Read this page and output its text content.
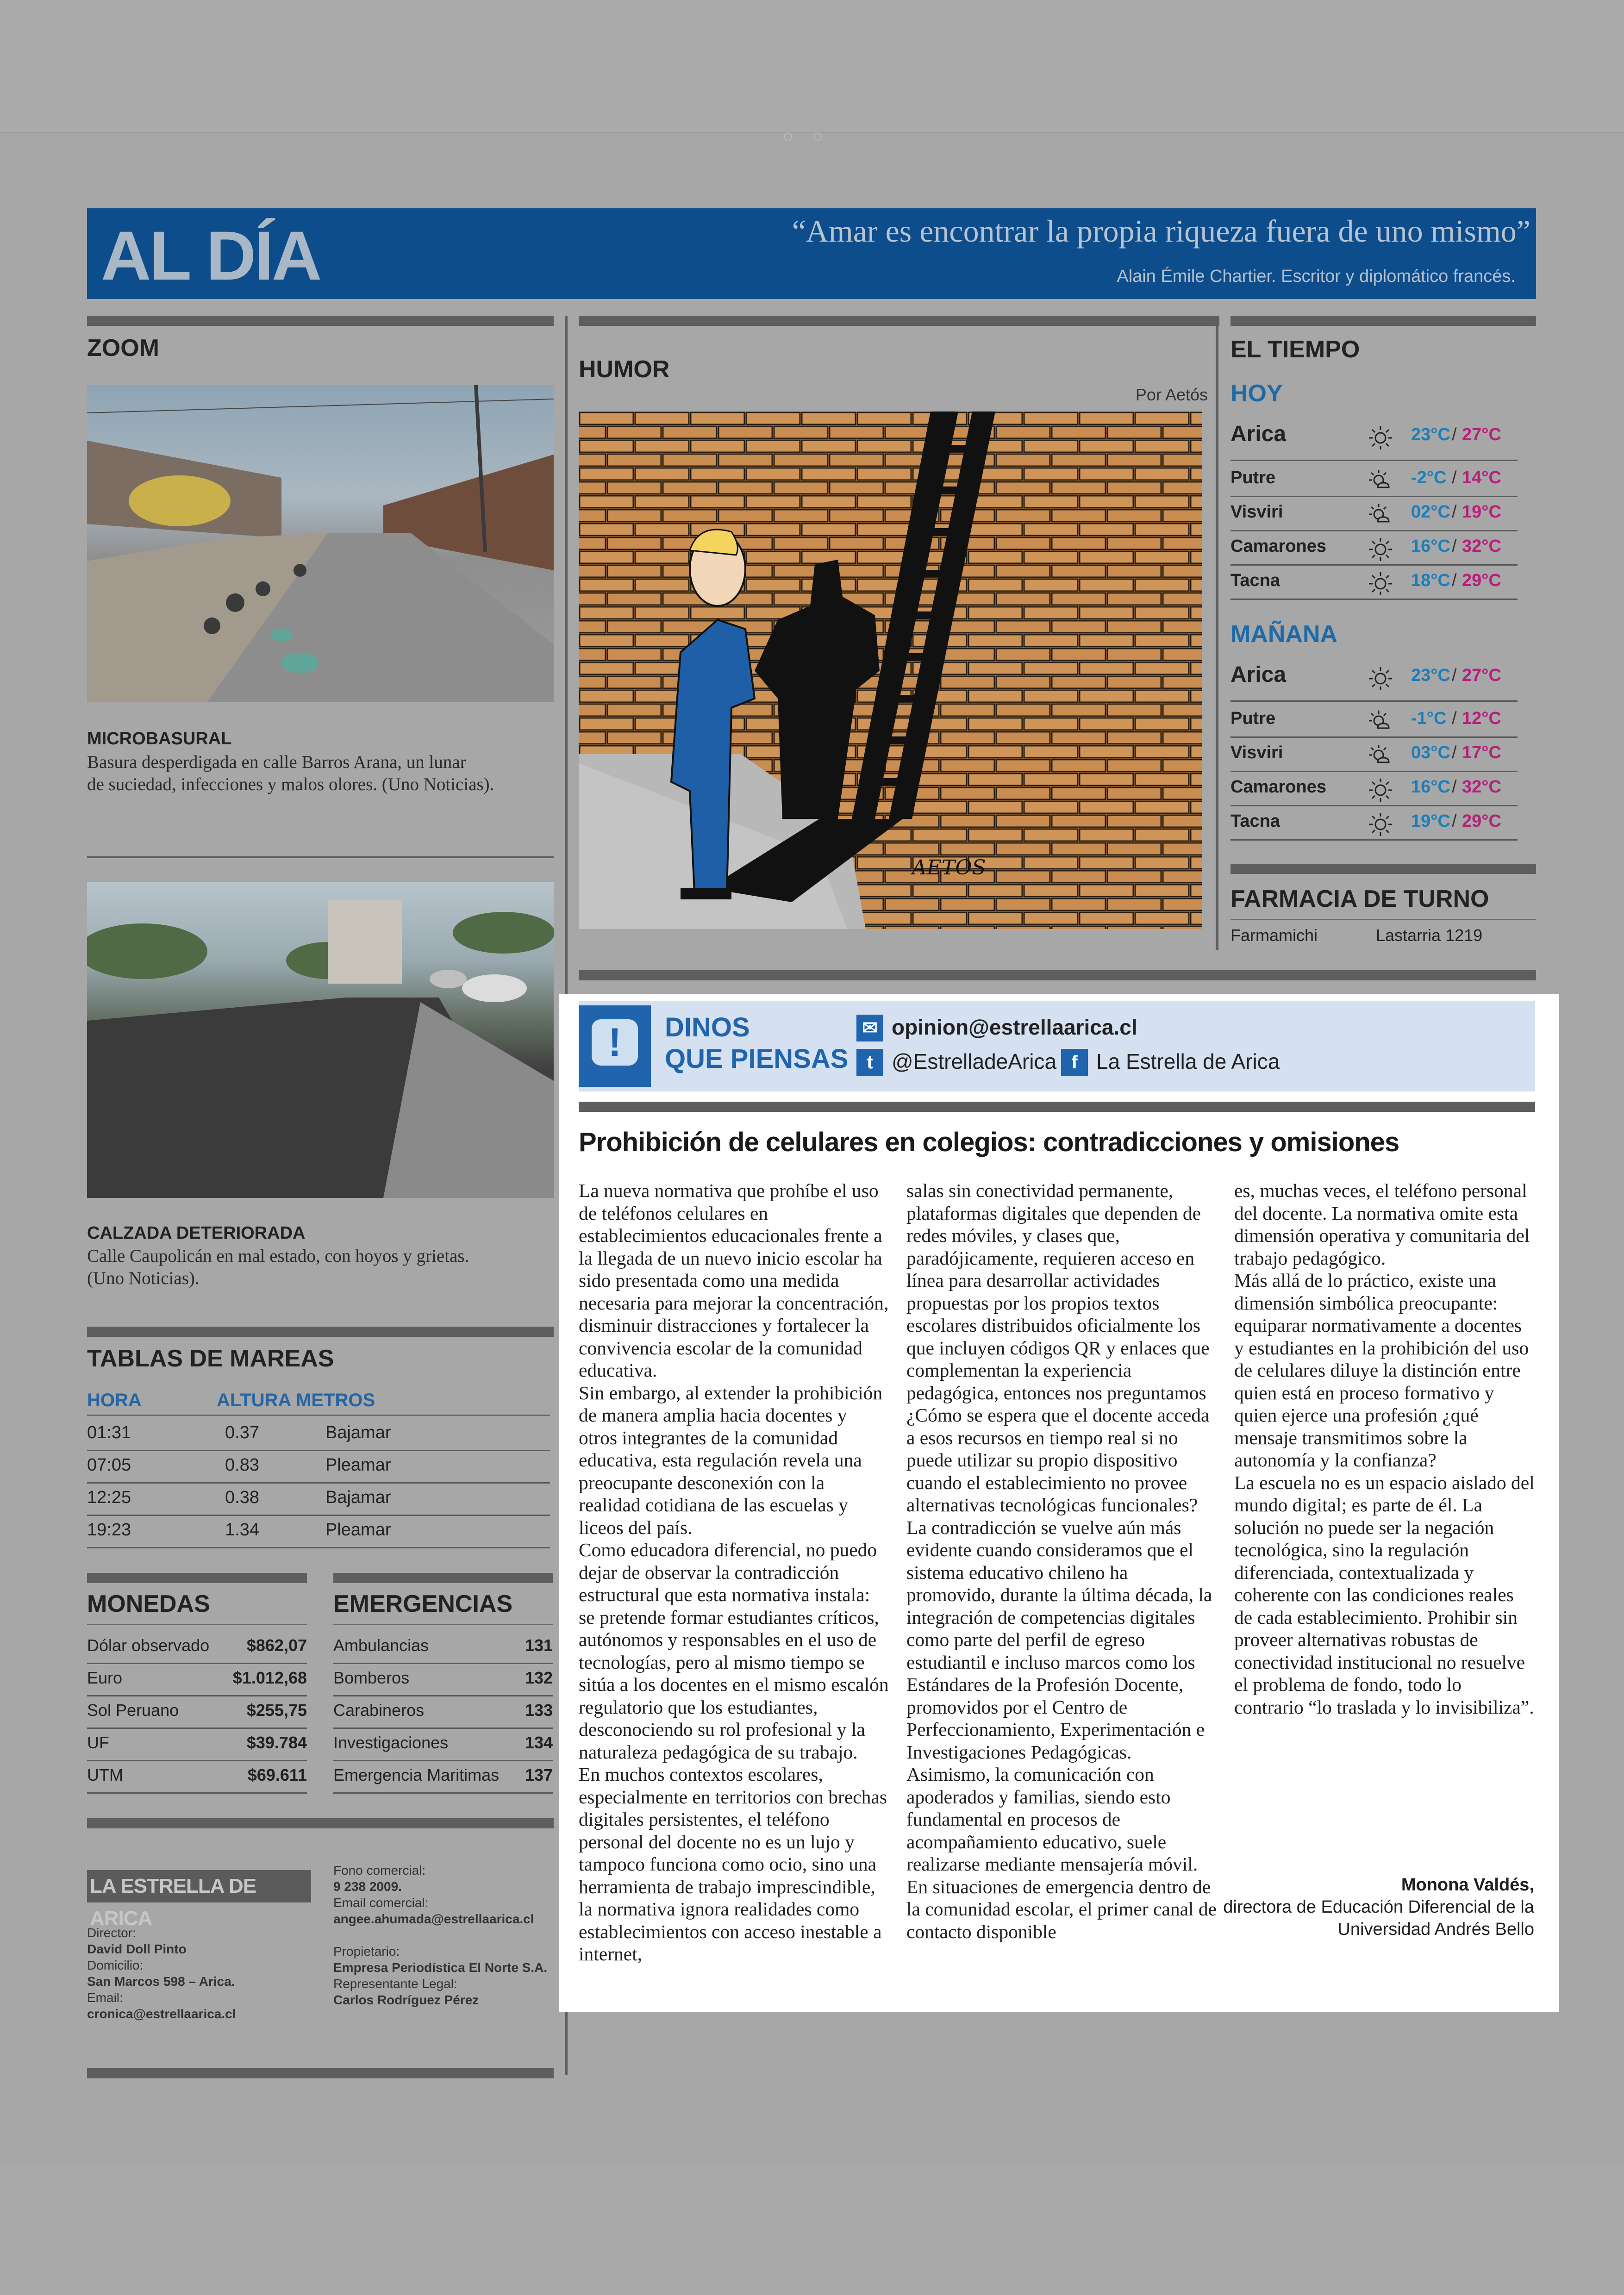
○○
AL DÍA	“Amar es encontrar la propia riqueza fuera de uno mismo”
Alain Émile Chartier. Escritor y diplomático francés.
ZOOM
MICROBASURAL
Basura desperdigada en calle Barros Arana, un lunar
de suciedad, infecciones y malos olores. (Uno Noticias).
CALZADA DETERIORADA
Calle Caupolicán en mal estado, con hoyos y grietas.
(Uno Noticias).
TABLAS DE MAREAS
HORA	ALTURA METROS
01:31	0.37	Bajamar
07:05	0.83	Pleamar
12:25	0.38	Bajamar
19:23	1.34	Pleamar
MONEDAS	EMERGENCIAS
Dólar observado $862,07
Euro	$1.012,68
Sol Peruano	$255,75
UF	$39.784
UTM	$69.611
Ambulancias	131
Bomberos	132
Carabineros	133
Investigaciones	134
Emergencia Maritimas 137
LA ESTRELLA DE ARICA
Director:
David Doll Pinto
Domicilio:
San Marcos 598 – Arica.
Email:
cronica@estrellaarica.cl
Fono comercial:
9 238 2009.
Email comercial:
angee.ahumada@estrellaarica.cl
Propietario:
Empresa Periodística El Norte S.A.
Representante Legal:
Carlos Rodríguez Pérez
HUMOR
Por Aetós
AETOS
EL TIEMPO
HOY
Arica	23°C / 27°C
Putre	-2°C / 14°C
Visviri	02°C / 19°C
Camarones	16°C / 32°C
Tacna	18°C / 29°C
MAÑANA
Arica	23°C / 27°C
Putre	-1°C / 12°C
Visviri	03°C / 17°C
Camarones	16°C / 32°C
Tacna	19°C / 29°C
FARMACIA DE TURNO
Farmamichi	Lastarria 1219
!	DINOS
QUE PIENSAS
✉ opinion@estrellaarica.cl
t @EstrelladeArica f La Estrella de Arica
Prohibición de celulares en colegios: contradicciones y omisiones

La nueva normativa que prohíbe el uso de teléfonos celulares en establecimientos educacionales frente a la llegada de un nuevo inicio escolar ha sido presentada como una medida necesaria para mejorar la concentración, disminuir distracciones y fortalecer la convivencia escolar de la comunidad educativa.

Sin embargo, al extender la prohibición de manera amplia hacia docentes y otros integrantes de la comunidad educativa, esta regulación revela una preocupante desconexión con la realidad cotidiana de las escuelas y liceos del país.

Como educadora diferencial, no puedo dejar de observar la contradicción estructural que esta normativa instala: se pretende formar estudiantes críticos, autónomos y responsables en el uso de tecnologías, pero al mismo tiempo se sitúa a los docentes en el mismo escalón regulatorio que los estudiantes, desconociendo su rol profesional y la naturaleza pedagógica de su trabajo.

En muchos contextos escolares, especialmente en territorios con brechas digitales persistentes, el teléfono personal del docente no es un lujo y tampoco funciona como ocio, sino una herramienta de trabajo imprescindible, la normativa ignora realidades como establecimientos con acceso inestable a internet,

salas sin conectividad permanente, plataformas digitales que dependen de redes móviles, y clases que, paradójicamente, requieren acceso en línea para desarrollar actividades propuestas por los propios textos escolares distribuidos oficialmente los que incluyen códigos QR y enlaces que complementan la experiencia pedagógica, entonces nos preguntamos ¿Cómo se espera que el docente acceda a esos recursos en tiempo real si no puede utilizar su propio dispositivo cuando el establecimiento no provee alternativas tecnológicas funcionales?

La contradicción se vuelve aún más evidente cuando consideramos que el sistema educativo chileno ha promovido, durante la última década, la integración de competencias digitales como parte del perfil de egreso estudiantil e incluso marcos como los Estándares de la Profesión Docente, promovidos por el Centro de Perfeccionamiento, Experimentación e Investigaciones Pedagógicas.

Asimismo, la comunicación con apoderados y familias, siendo esto fundamental en procesos de acompañamiento educativo, suele realizarse mediante mensajería móvil. En situaciones de emergencia dentro de la comunidad escolar, el primer canal de contacto disponible

es, muchas veces, el teléfono personal del docente. La normativa omite esta dimensión operativa y comunitaria del trabajo pedagógico.

Más allá de lo práctico, existe una dimensión simbólica preocupante: equiparar normativamente a docentes y estudiantes en la prohibición del uso de celulares diluye la distinción entre quien está en proceso formativo y quien ejerce una profesión ¿qué mensaje transmitimos sobre la autonomía y la confianza?

La escuela no es un espacio aislado del mundo digital; es parte de él. La solución no puede ser la negación tecnológica, sino la regulación diferenciada, contextualizada y coherente con las condiciones reales de cada establecimiento. Prohibir sin proveer alternativas robustas de conectividad institucional no resuelve el problema de fondo, todo lo contrario “lo traslada y lo invisibiliza”.

Monona Valdés,
directora de Educación Diferencial de la
Universidad Andrés Bello
